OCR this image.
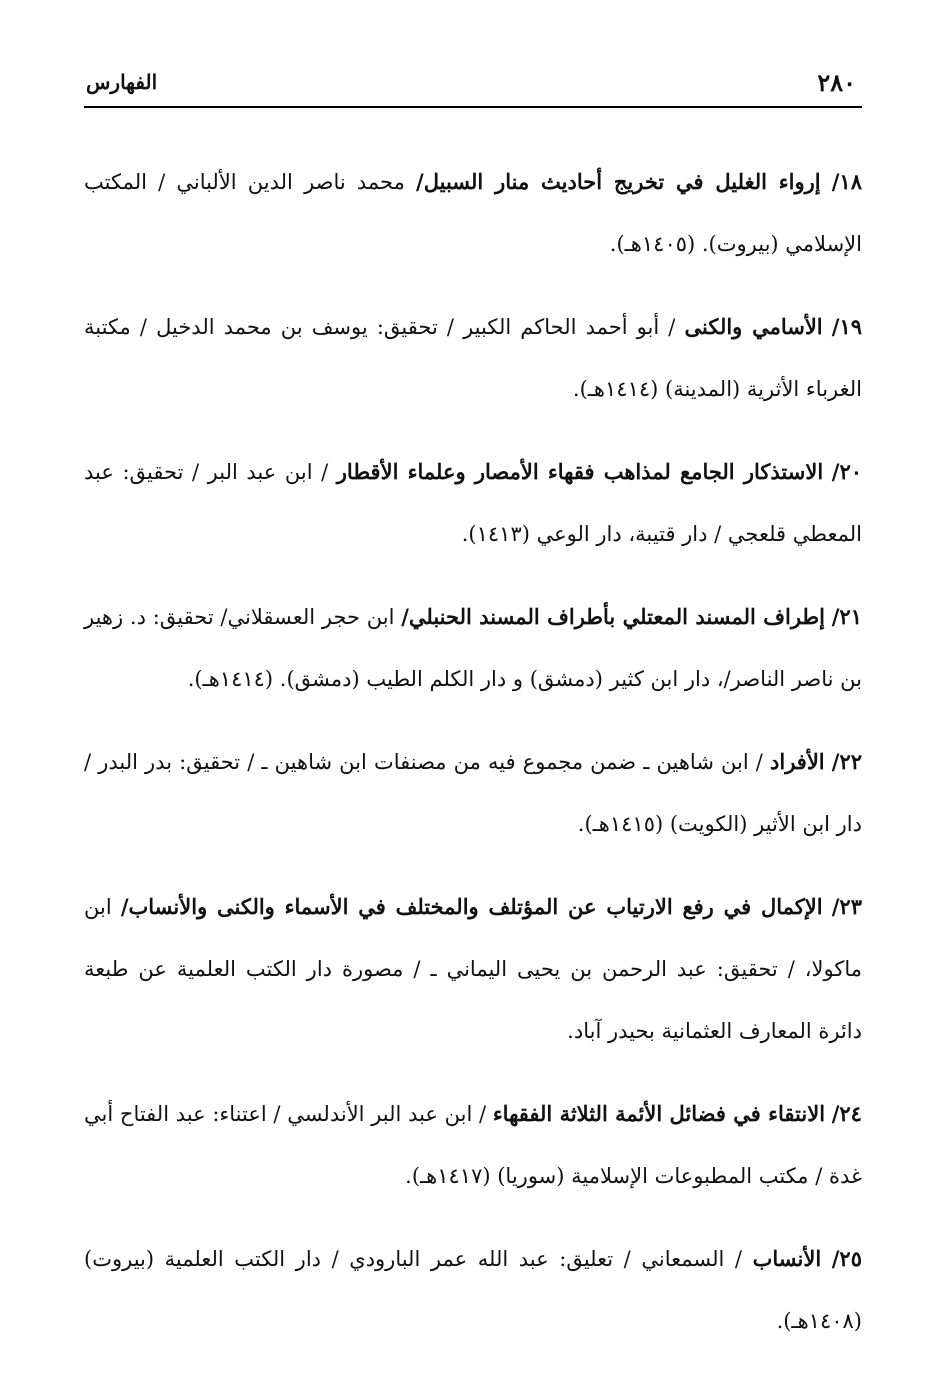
٢٨٠
الفهارس

١٨/ إرواء الغليل في تخريج أحاديث منار السبيل/ محمد ناصر الدين الألباني / المكتب الإسلامي (بيروت). (١٤٠٥هـ).

١٩/ الأسامي والكنى / أبو أحمد الحاكم الكبير / تحقيق: يوسف بن محمد الدخيل / مكتبة الغرباء الأثرية (المدينة) (١٤١٤هـ).

٢٠/ الاستذكار الجامع لمذاهب فقهاء الأمصار وعلماء الأقطار / ابن عبد البر / تحقيق: عبد المعطي قلعجي / دار قتيبة، دار الوعي (١٤١٣).

٢١/ إطراف المسند المعتلي بأطراف المسند الحنبلي/ ابن حجر العسقلاني/ تحقيق: د. زهير بن ناصر الناصر/، دار ابن كثير (دمشق) و دار الكلم الطيب (دمشق). (١٤١٤هـ).

٢٢/ الأفراد / ابن شاهين ـ ضمن مجموع فيه من مصنفات ابن شاهين ـ / تحقيق: بدر البدر / دار ابن الأثير (الكويت) (١٤١٥هـ).

٢٣/ الإكمال في رفع الارتياب عن المؤتلف والمختلف في الأسماء والكنى والأنساب/ ابن ماكولا، / تحقيق: عبد الرحمن بن يحيى اليماني ـ / مصورة دار الكتب العلمية عن طبعة دائرة المعارف العثمانية بحيدر آباد.

٢٤/ الانتقاء في فضائل الأئمة الثلاثة الفقهاء / ابن عبد البر الأندلسي / اعتناء: عبد الفتاح أبي غدة / مكتب المطبوعات الإسلامية (سوريا) (١٤١٧هـ).

٢٥/ الأنساب / السمعاني / تعليق: عبد الله عمر البارودي / دار الكتب العلمية (بيروت) (١٤٠٨هـ).
